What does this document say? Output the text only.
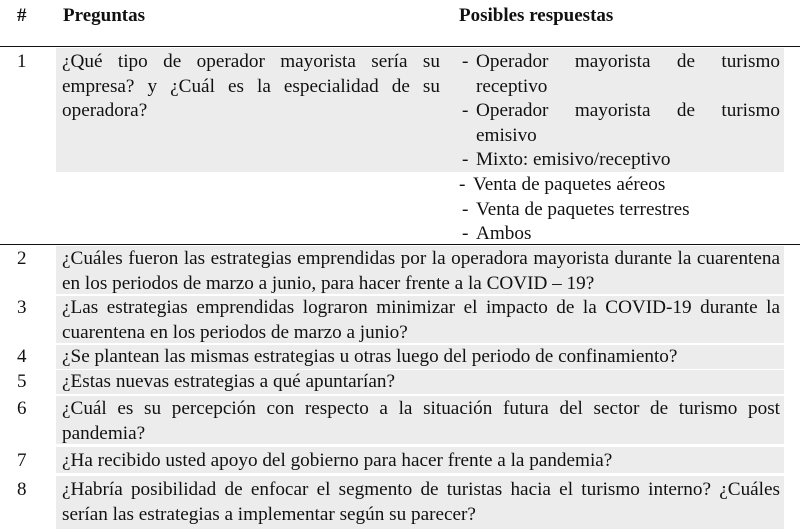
# Preguntas	Posibles respuestas
1 ¿Qué tipo de operador mayorista sería su empresa? y ¿Cuál es la especialidad de su operadora?
- Operador mayorista de turismo receptivo
- Operador mayorista de turismo emisivo
- Mixto: emisivo/receptivo
- Venta de paquetes aéreos
- Venta de paquetes terrestres
- Ambos
2 ¿Cuáles fueron las estrategias emprendidas por la operadora mayorista durante la cuarentena en los periodos de marzo a junio, para hacer frente a la COVID – 19?
3 ¿Las estrategias emprendidas lograron minimizar el impacto de la COVID-19 durante la cuarentena en los periodos de marzo a junio?
4 ¿Se plantean las mismas estrategias u otras luego del periodo de confinamiento?
5 ¿Estas nuevas estrategias a qué apuntarían?
6 ¿Cuál es su percepción con respecto a la situación futura del sector de turismo post pandemia?
7 ¿Ha recibido usted apoyo del gobierno para hacer frente a la pandemia?
8 ¿Habría posibilidad de enfocar el segmento de turistas hacia el turismo interno? ¿Cuáles serían las estrategias a implementar según su parecer?
